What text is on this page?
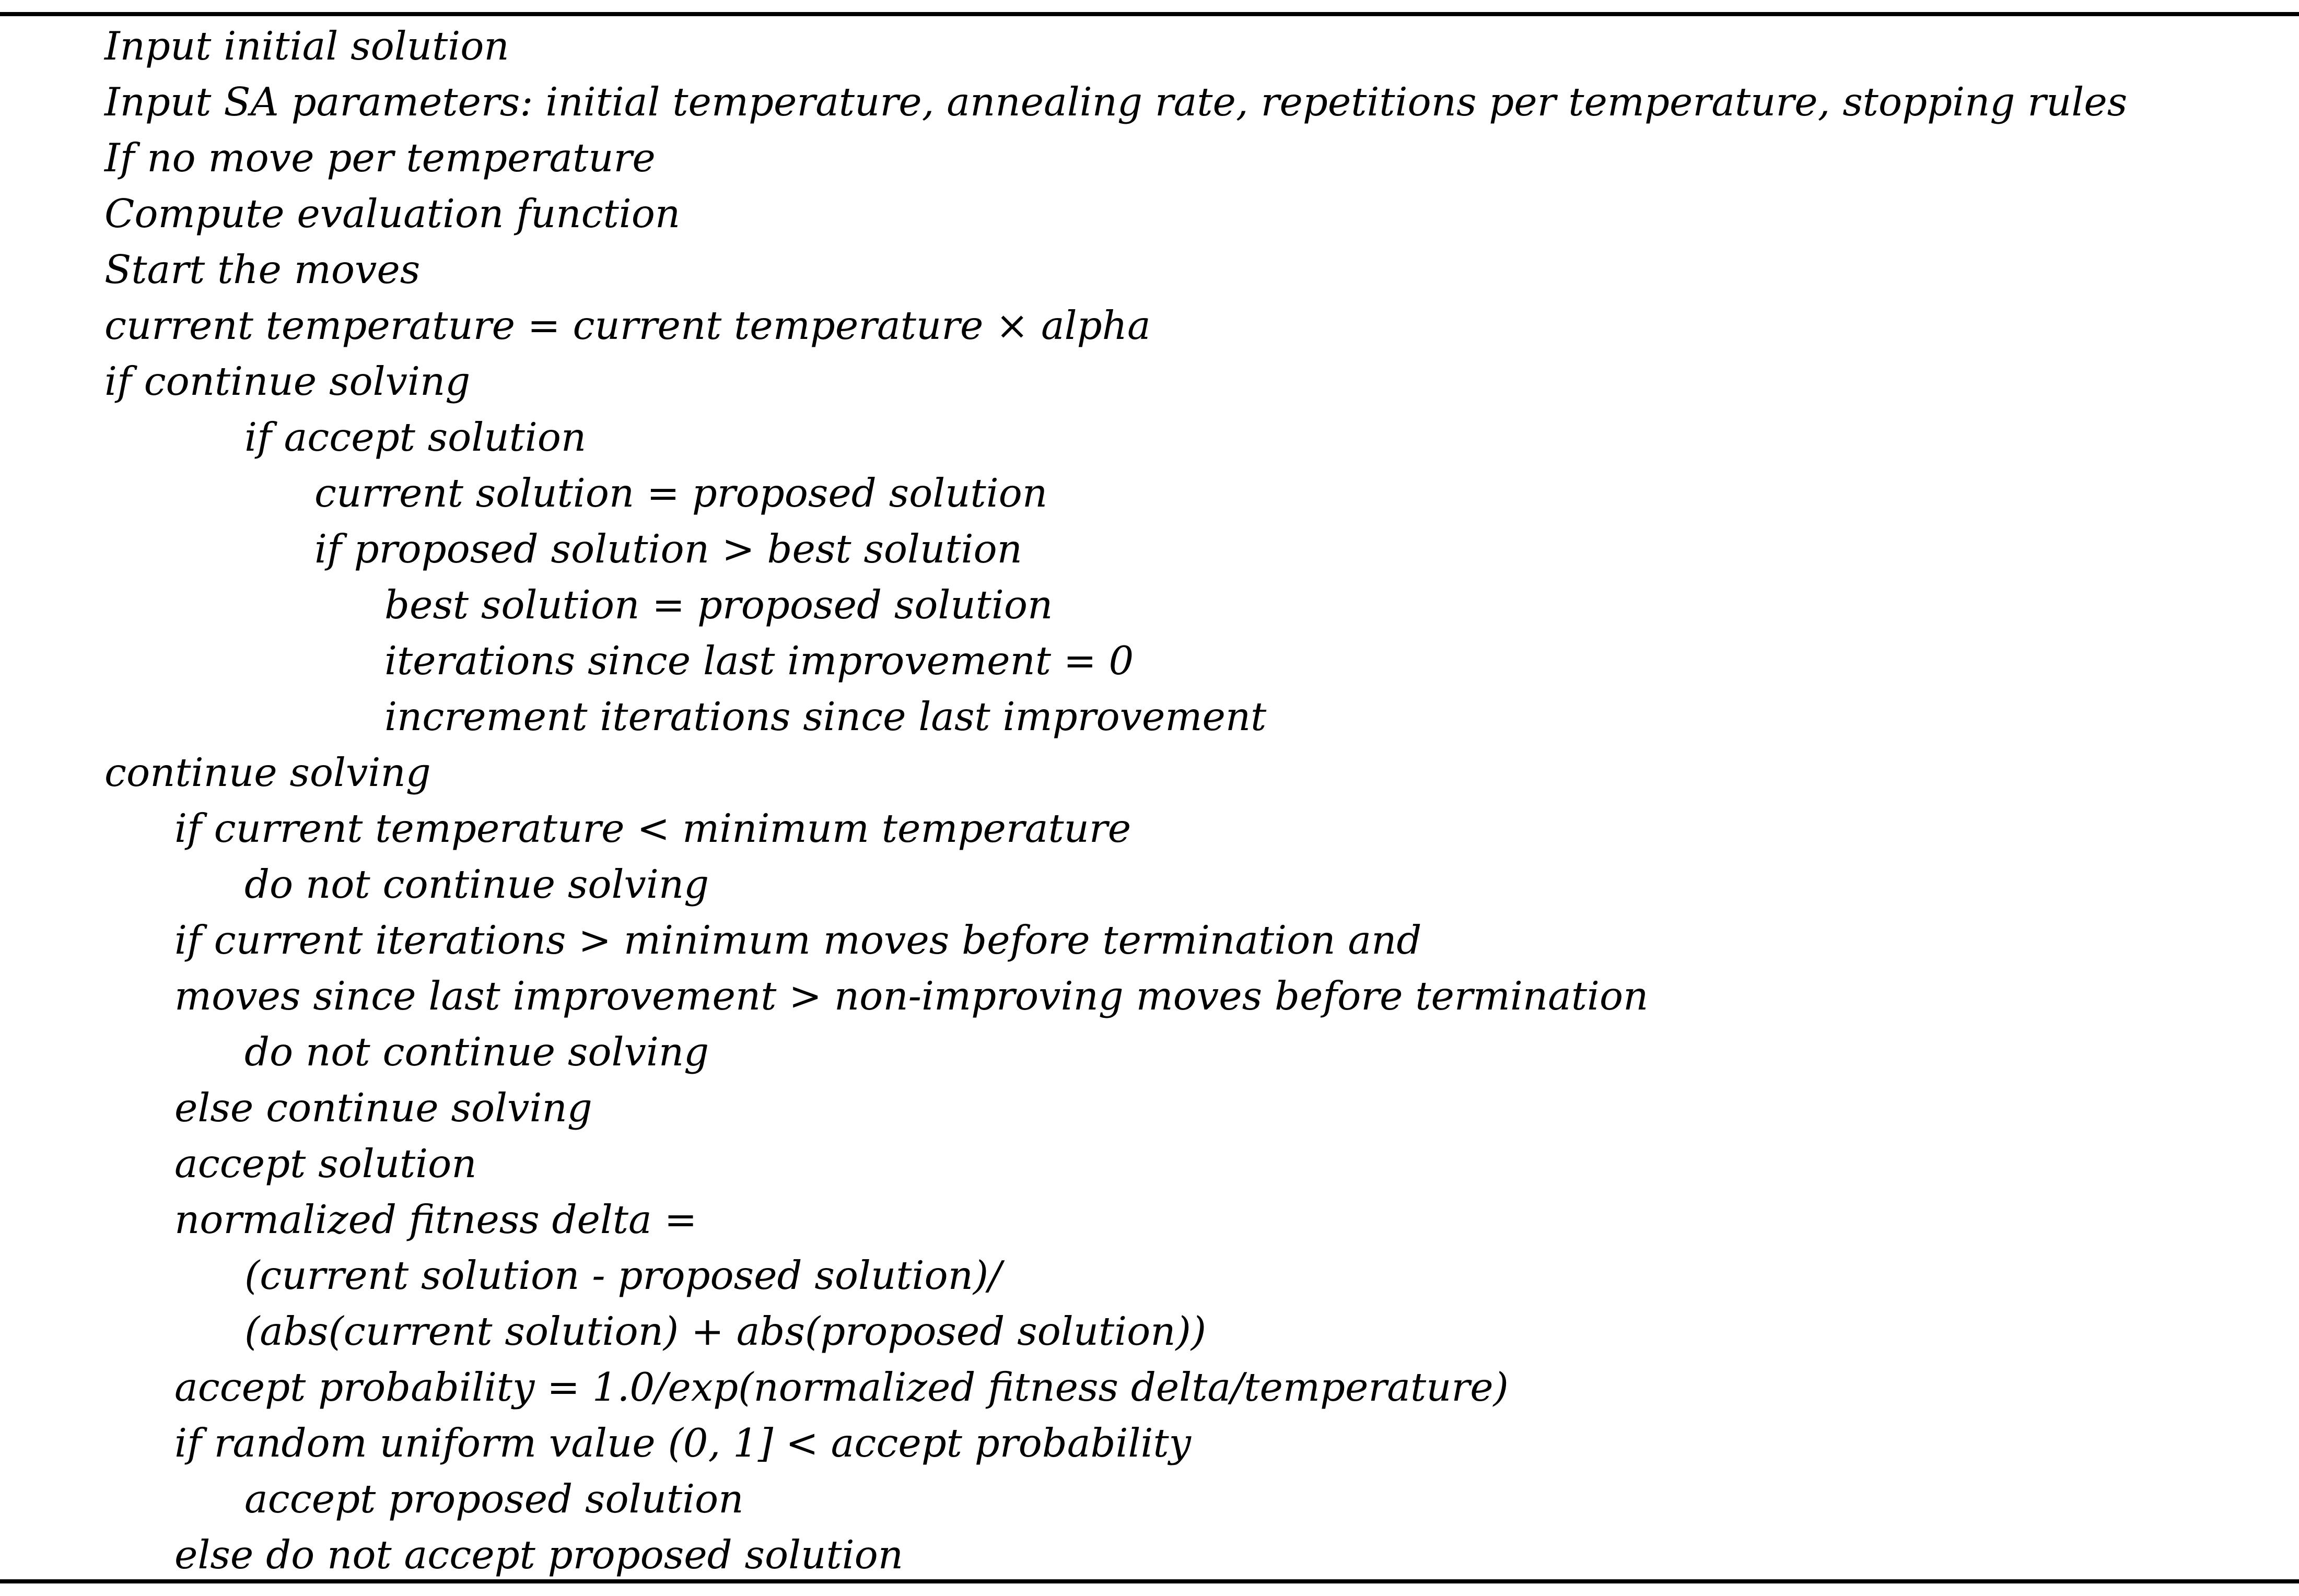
Input initial solution
Input SA parameters: initial temperature, annealing rate, repetitions per temperature, stopping rules
If no move per temperature
Compute evaluation function
Start the moves
current temperature = current temperature × alpha
if continue solving
if accept solution
current solution = proposed solution
if proposed solution > best solution
best solution = proposed solution
iterations since last improvement = 0
increment iterations since last improvement
continue solving
if current temperature < minimum temperature
do not continue solving
if current iterations > minimum moves before termination and
moves since last improvement > non-improving moves before termination
do not continue solving
else continue solving
accept solution
normalized fitness delta =
(current solution - proposed solution)/
(abs(current solution) + abs(proposed solution))
accept probability = 1.0/exp(normalized fitness delta/temperature)
if random uniform value (0, 1] < accept probability
accept proposed solution
else do not accept proposed solution
